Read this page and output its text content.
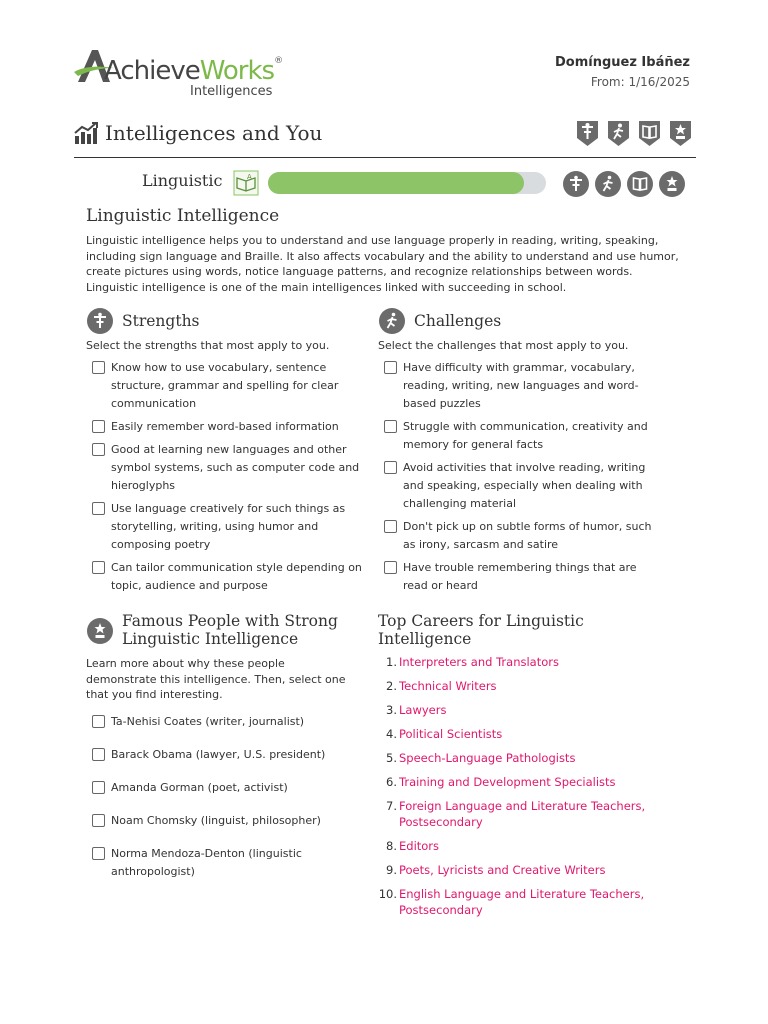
AchieveWorks®
Intelligences
Domínguez Ibáñez
From: 1/16/2025
Intelligences and You
Linguistic	A
Linguistic Intelligence
Linguistic intelligence helps you to understand and use language properly in reading, writing, speaking, including sign language and Braille. It also affects vocabulary and the ability to understand and use humor, create pictures using words, notice language patterns, and recognize relationships between words. Linguistic intelligence is one of the main intelligences linked with succeeding in school.
Strengths
Select the strengths that most apply to you.
Know how to use vocabulary, sentence structure, grammar and spelling for clear communication
Easily remember word-based information
Good at learning new languages and other symbol systems, such as computer code and hieroglyphs
Use language creatively for such things as storytelling, writing, using humor and composing poetry
Can tailor communication style depending on topic, audience and purpose
Challenges
Select the challenges that most apply to you.
Have difficulty with grammar, vocabulary, reading, writing, new languages and word-based puzzles
Struggle with communication, creativity and memory for general facts
Avoid activities that involve reading, writing and speaking, especially when dealing with challenging material
Don't pick up on subtle forms of humor, such as irony, sarcasm and satire
Have trouble remembering things that are read or heard
Famous People with Strong
Linguistic Intelligence
Learn more about why these people demonstrate this intelligence. Then, select one that you find interesting.
Ta-Nehisi Coates (writer, journalist)
Barack Obama (lawyer, U.S. president)
Amanda Gorman (poet, activist)
Noam Chomsky (linguist, philosopher)
Norma Mendoza-Denton (linguistic anthropologist)
Top Careers for Linguistic
Intelligence
1. Interpreters and Translators
2. Technical Writers
3. Lawyers
4. Political Scientists
5. Speech-Language Pathologists
6. Training and Development Specialists
7. Foreign Language and Literature Teachers, Postsecondary
8. Editors
9. Poets, Lyricists and Creative Writers
10. English Language and Literature Teachers, Postsecondary
